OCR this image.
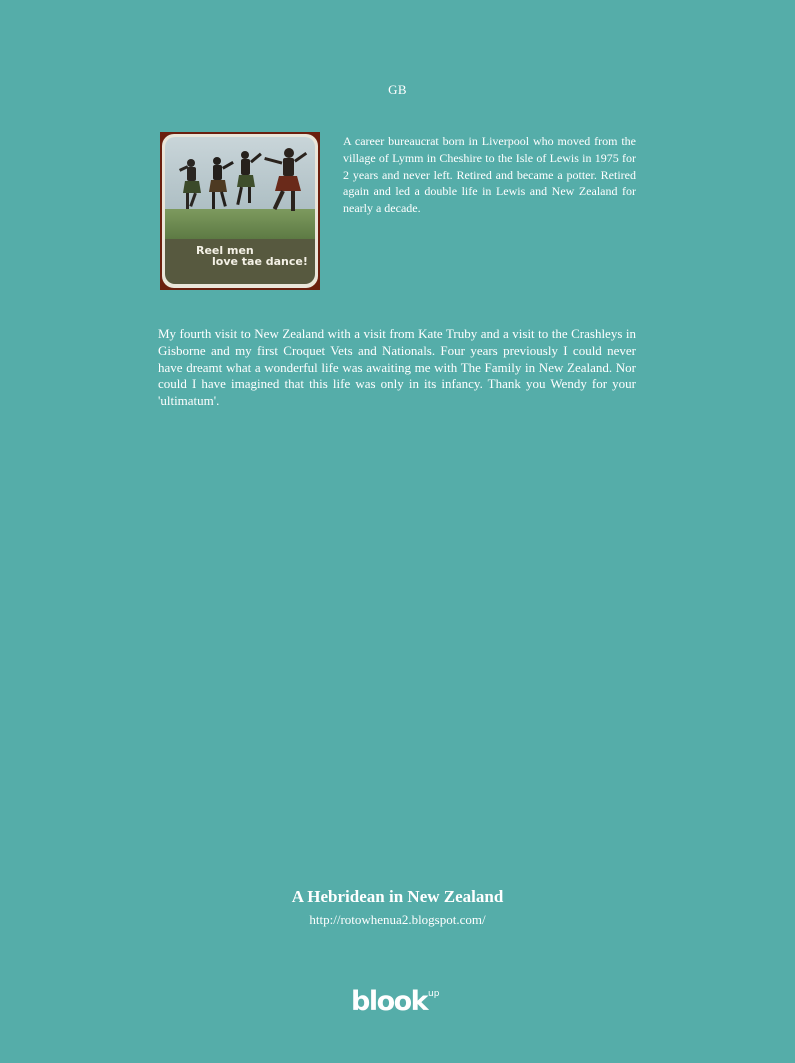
GB
Reel men
love tae dance!

A career bureaucrat born in Liverpool who moved from the village of Lymm in Cheshire to the Isle of Lewis in 1975 for 2 years and never left. Retired and became a potter. Retired again and led a double life in Lewis and New Zealand for nearly a decade.

My fourth visit to New Zealand with a visit from Kate Truby and a visit to the Crashleys in Gisborne and my first Croquet Vets and Nationals. Four years previously I could never have dreamt what a wonderful life was awaiting me with The Family in New Zealand. Nor could I have imagined that this life was only in its infancy. Thank you Wendy for your 'ultimatum'.

A Hebridean in New Zealand
http://rotowhenua2.blogspot.com/
blook up
